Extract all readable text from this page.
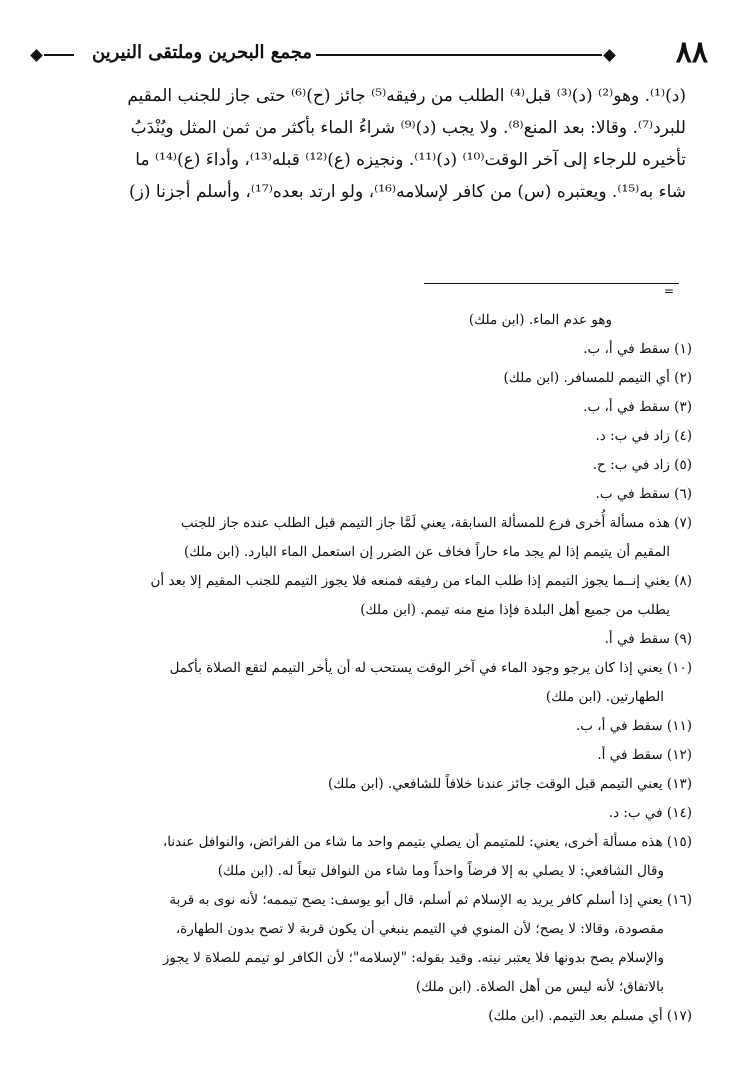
٨٨
مجمع البحرين وملتقى النيرين
(د)⁽¹⁾. وهو⁽²⁾ (د)⁽³⁾ قبل⁽⁴⁾ الطلب من رفيقه⁽⁵⁾ جائز (ح)⁽⁶⁾ حتى جاز للجنب المقيم
للبرد⁽⁷⁾. وقالا: بعد المنع⁽⁸⁾. ولا يجب (د)⁽⁹⁾ شراءُ الماء بأكثر من ثمن المثل ويُنْدَبُ
تأخيره للرجاء إلى آخر الوقت⁽¹⁰⁾ (د)⁽¹¹⁾. ونجيزه (ع)⁽¹²⁾ قبله⁽¹³⁾، وأداءَ (ع)⁽¹⁴⁾ ما
شاء به⁽¹⁵⁾. ويعتبره (س) من كافر لإسلامه⁽¹⁶⁾، ولو ارتد بعده⁽¹⁷⁾، وأسلم أجزنا (ز)
=
وهو عدم الماء. (ابن ملك)
(١) سقط في أ، ب.
(٢) أي التيمم للمسافر. (ابن ملك)
(٣) سقط في أ، ب.
(٤) زاد في ب: د.
(٥) زاد في ب: ح.
(٦) سقط في ب.
(٧) هذه مسألة أُخرى فرع للمسألة السابقة، يعني لَمَّا جاز التيمم قبل الطلب عنده جاز للجنب
المقيم أن يتيمم إذا لم يجد ماء حاراً فخاف عن الضرر إن استعمل الماء البارد. (ابن ملك)
(٨) يعني إنــما يجوز التيمم إذا طلب الماء من رفيقه فمنعه فلا يجوز التيمم للجنب المقيم إلا بعد أن
يطلب من جميع أهل البلدة فإذا منع منه تيمم. (ابن ملك)
(٩) سقط في أ.
(١٠) يعني إذا كان يرجو وجود الماء في آخر الوقت يستحب له أن يأخر التيمم لتقع الصلاة بأكمل
الطهارتين. (ابن ملك)
(١١) سقط في أ، ب.
(١٢) سقط في أ.
(١٣) يعني التيمم قبل الوقت جائز عندنا خلافاً للشافعي. (ابن ملك)
(١٤) في ب: د.
(١٥) هذه مسألة أخرى، يعني: للمتيمم أن يصلي بتيمم واحد ما شاء من الفرائض، والنوافل عندنا،
وقال الشافعي: لا يصلي به إلا فرضاً واحداً وما شاء من النوافل تبعاً له. (ابن ملك)
(١٦) يعني إذا أسلم كافر يريد به الإسلام ثم أسلم، قال أبو يوسف: يصح تيممه؛ لأنه نوى به قربة
مقصودة، وقالا: لا يصح؛ لأن المنوي في التيمم ينبغي أن يكون قربة لا تصح بدون الطهارة،
والإسلام يصح بدونها فلا يعتبر نيته. وقيد بقوله: "لإسلامه"؛ لأن الكافر لو تيمم للصلاة لا يجوز
بالاتفاق؛ لأنه ليس من أهل الصلاة. (ابن ملك)
(١٧) أي مسلم بعد التيمم. (ابن ملك)
